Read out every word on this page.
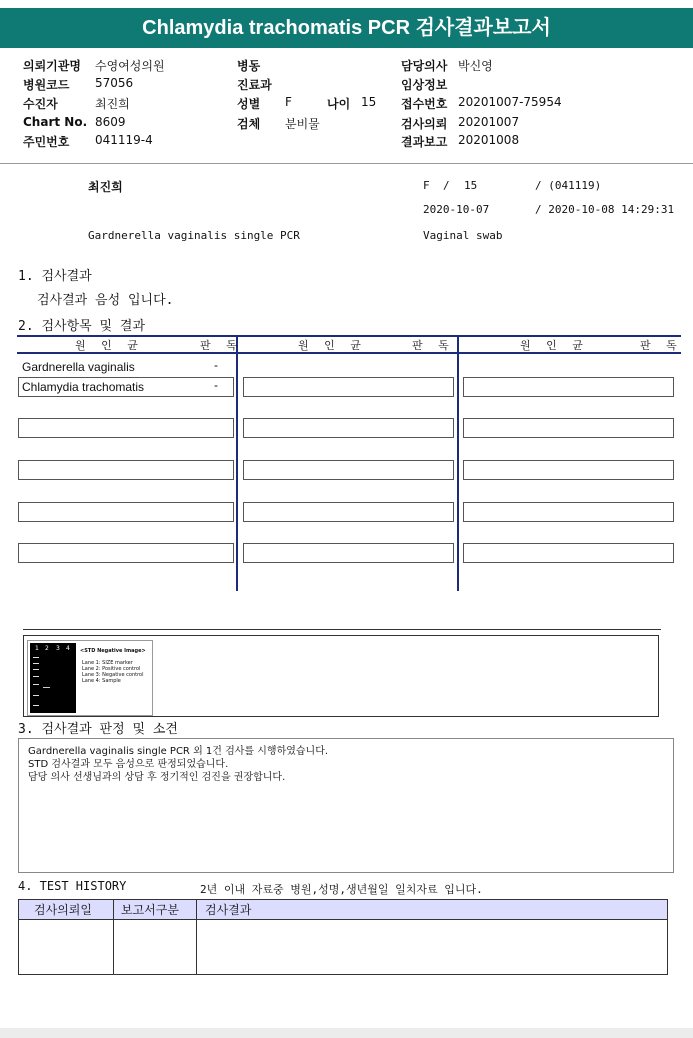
Chlamydia trachomatis PCR 검사결과보고서
의뢰기관명 수영여성의원
병원코드 57056
수진자	최진희
Chart No. 8609
주민번호 041119-4
병동
진료과
성별 F	나이 15
검체 분비물
담당의사 박신영
임상정보
접수번호 20201007-75954
검사의뢰 20201007
결과보고 20201008
최진희	F / 15	/ (041119)
2020-10-07	/ 2020-10-08 14:29:31
Gardnerella vaginalis single PCR	Vaginal swab
1. 검사결과
검사결과 음성 입니다.
2. 검사항목 및 결과
원 인 균	판 독	원 인 균	판 독	원 인 균	판 독
Gardnerella vaginalis	-
Chlamydia trachomatis	-
1 2 3 4 <STD Negative Image>
Lane 1: SIZE marker
Lane 2: Positive control
Lane 3: Negative control
Lane 4: Sample
3. 검사결과 판정 및 소견
Gardnerella vaginalis single PCR 외 1건 검사를 시행하였습니다.
STD 검사결과 모두 음성으로 판정되었습니다.
담당 의사 선생님과의 상담 후 정기적인 검진을 권장합니다.
4. TEST HISTORY	2년 이내 자료중 병원,성명,생년월일 일치자료 입니다.
검사의뢰일 보고서구분 검사결과
